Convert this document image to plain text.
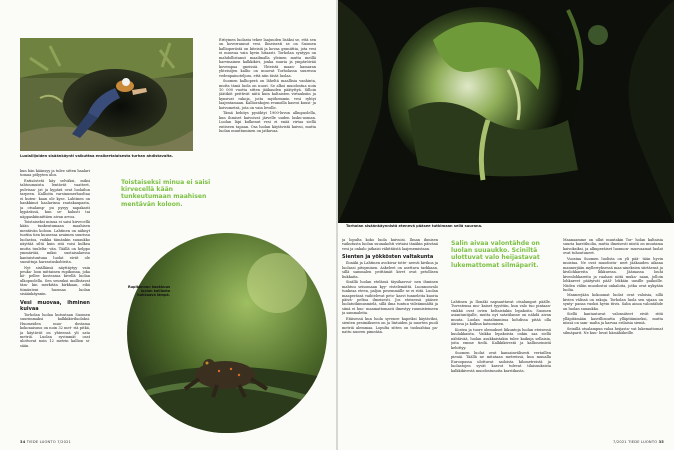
Luolailijoiden sisäänkäynti vaikuttaa ensikertalaisesta turhan ahdistavalta.

kun hän käänsyy ja tulee sitten haalari tomua pölyyten ulos.

Entisöstetä käy selväksi, miksi tahtoumuista lentävät vaatteet, pulvisaa- jat ja kypärä ovat luolailun tarpeen. Kallioita varsinumerhuoltaa ei kuten- kaan ole kyse. Lahtinen on hankkinut haalarinsa rautakaupasta, ja otsalamp- pu pysyy napakasti kypärässä, kun se- kalusti tai näppaskiinnittäen aivan arvoa.

Toistaiseksi minua ei saisi kirvecellä kään tunkeutumaan maahisen mentävän koloon. Lahtinen on nähnyt tuotiin tien kuusessa avaimen suurissa luolastoa, vaikka tämänkin suuaukko näyttää siltä kuin sitä voisi kulkea mutta tuulelta- vän. Täällä on helppo ymmärtää, miksi suotaisalaessa kantaistuntuna luolat eivät ole suosittuja harrastuskohteita.

Nyt sisällänsä näyttäytyy vain peuka- loon mittainen rupikonna, joka kö- pellee kosteassa kivellä luolan ulkopuolella. Sen seuraksi mullistavat täm- kin merkitän kirkkaan, eikä tiimäuteni huomaa luolan sisäänkäynnin.

Vesi muovaa, ihminen kuivaa

Torholan luolaa kutsutaan Suomen suurimmaksi kalkkikiviluolaksi. Huomeiden muo- dostama kokonaisuus on noin 32 met- riä pitkä, ja käytävät on yhteensä yli sata metriä. Luolan syvimmät osat ulottuvat noin 12 metrin kallion si- sään.

Erityinen luolasta tekee laajuuden lisäksi se, että sen on koverrannut vesi. Ilmeisesti se on Suomen kallioperästä on kiteisiä ja kovaa graniittia, jota vesi ei muovaa vain hyvin hitaasti. Torholan syntyyn on mahdollistanut maailmalla yleinen mutta meillä harvinainen kalkkikivi, jonka suuria ja ympäröivää kovempaa gneissiä. Yhteistä maan- kamaran yhteisöjen kallio on muovat Torholassa suuressa vedenpainoteljoss, että niin tästä luolaa.

Suomen kallioperä on läheltä maallisia vanhinta, mutta tämä luola on nuori. Se alkoi muodostua noin 10 000 vuotta sitten jääkauden päätyttyä. Silloin jäätiköt peittivät niitä kuin kaltaisten virtauksiin ja kynsivat rakoja, joita myöhemmin vesi ryhtyi laajentamaan. Kalliorakojen reunoilla kasvoi kuusi- ja koivumetsä, jota on vain levolle.

Tämä kehitys pysähtyi 1900-luvun alkupuolella, kun ihmiset kaivoivat järvelle uuden lasku-uoman. Luolan läpi kulkenut vesi ei enää virtaa siellä entiseen tapaan. Osa luolan käytävistä kuivui, mutta luolan muuttuminen on jatkuvaa.

Toistaiseksi minua ei saisi kirvecellä kään tunkeutumaan maahisen mentävän koloon.
Rupikonnan kookkuus luolan kalliosta hohkaava lämpö.
34 TIEDE LUONTO 7/2021
Torholan sisäänkäynnistä etenevä pääsee tutkimaan sellä suurana.

ja lopulta koko luola kuivuisi. Ilman ihmisen vaikutusta luolan suunakohti virtaisi tänäkin päivänä vesi ja onkalo jatkaisi vähittäistä laajenemistaan.

Sienten ja yökkösten valtakunta

Ilonäki ja Lahtinen avokivar totte- neesti kivikoa ja luolassi pitsyminen. Askeleet on asettava tarkkaan, sillä sammalen peittämät kivet ovat petollisen liukkaita.

Sisällä luolan etelässä täysikasvui- nen ihminen mahtuu seisomaan kyy- ristelemättä. Luonnonvalo tunkeaa eteen, paljon pesemmälle se ei riitä. Luolan maaperässä vaihtelevat peto- kasvi tunneleita kuoria päivä- peltoa ilmeisesti. Jos eteisessä pääsee luolatutkimusmielä, sillä ilma tuntuu viileämmältä ja siinä ei huo- maamattomasti ilmestyy ruumisteineen ja sammaleita.

Etäisessä kun luola syvenee kapeiksi käytäviksi, sienten pesimäkseen on ja lintuiden ja nuorten puoli metriä alemmaa. Lopulta sitten on tuoksahtaa pa- nattu nuoren pimeään.

Salin aivaa valontähde on luolan suuaukko. Sciniltä ulottuvat valo heijastavat lukemattomat silmäparit.

Lahtinen ja Ilonäki napsauttavat otsalamput päälle. Tuvestensa mu- kaiset tyysttiin, kun valo tuo pintaan- vinkkä ovat ovien keltaistakin lepakoita. Suomen asiantuntijalle, mutta nyt satatilanne on nähdä aivan muuta. Luolan matalimmissa kohdissa pitää olla ääriosa ja kulkua katsomisen.

Kostea ja tuore olemukset liikuntoja luolan eteisessä kuulakkaista. Vaikka lepakoista onkin saa siellä nähtävää, luolan asukkaistakin tulee kaikuja sellaisia, joita emme tiedä. Kalkkikivestä ja kallioseinistä kehittyy.

Suomen luolat ovat kansainvälisesti vertaillen pieniä. Täällä ne mitataan metreissä, kun muualla Euroopassa ulottuvat sadoista kilometreistä ja luolastojen syvät kasvot tulevat tilaisuuksista kalkkikivestä muodostunoita karstikasta.

Maanaamme on ollut muutakin Tor- holan kaltaisia suuria karstiluolia, mutta ilmeisesti niistä on muutama kaivoksiksi, ja alkuperäiset luonnon- muovaamat luolat ovat tuhoutuneet.

Vuosina Suomen luolista on yli pää- tään hyvin muistaa. Ne ovat muodostu- neet jääkauden aikana mannerjään myllerryksessä maa-aineksien siirtäessä ja kivilohkareita liikkuessa. Jäämassa louhi kivenlohkareita ja raahasi niitä muka- naan, jolloin lohkareet päätyivät pääl- lekkäin uusille paikoille. Niiden väliin muodostui onkaloita, jotka ovat nykyään luolia.

Mannerjään kokoamat luolat ovat valoisia, sillä kivien välissä on rakoja. Torholan luola sen sijaan on synty- pansa vuoksi hyvin tiivis. Salin ainoa valontähde on luolan suuaukko.

Siellä kantautuvat valonsäteet eivät riitä ylläpitämään kasvillisuutta ylläpitämiseksi, mutta niissä on sam- malta ja karvaa erilaisia sieniä.

Seinillä otsalampun valoa heijasta- vat lukemattomat silmäparit. Ne kuu- luvat hämähäkeille.

7/2021 TIEDE LUONTO 35
